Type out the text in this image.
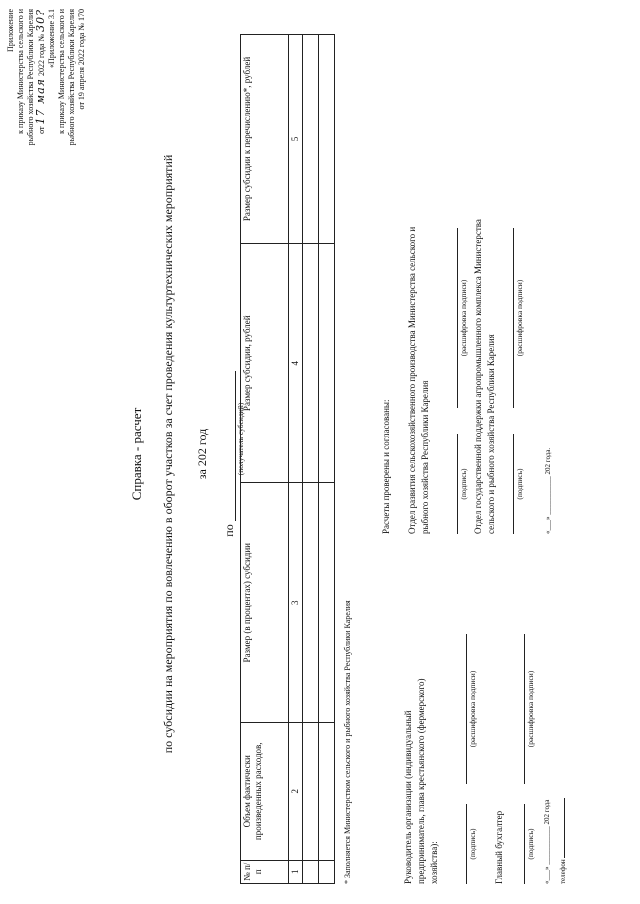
Приложение к приказу Министерства сельского и рыбного хозяйства Республики Карелия от 17 мая 2022 года № 30? «Приложение 3.1 к приказу Министерства сельского и рыбного хозяйства Республики Карелия от 19 апреля 2022 года № 170
Справка - расчет по субсидии на мероприятия по вовлечению в оборот участков за счет проведения культуртехнических мероприятий за 202 год
по
(получатель субсидий)
№ п/п	Объем фактически произведенных расходов,	Размер (в процентах) субсидии	Размер субсидии, рублей	Размер субсидии к перечислению*, рублей
1	2	3	4	5

* Заполняется Министерством сельского и рыбного хозяйства Республики Карелия	Руководитель организации (индивидуальный предприниматель, глава крестьянского (фермерского) хозяйства):	(подпись)
(расшифровка подписи)
Главный бухгалтер	(подпись)
(расшифровка подписи)
«___» ___________ 202 года	телефон
Расчеты проверены и согласованы: Отдел развития сельскохозяйственного производства Министерства сельского и рыбного хозяйства Республики Карелия	(подпись)
(расшифровка подписи) Отдел государственной поддержки агропромышленного комплекса Министерства сельского и рыбного хозяйства Республики Карелия	(подпись)
(расшифровка подписи)
«___» ___________ 202 года.
